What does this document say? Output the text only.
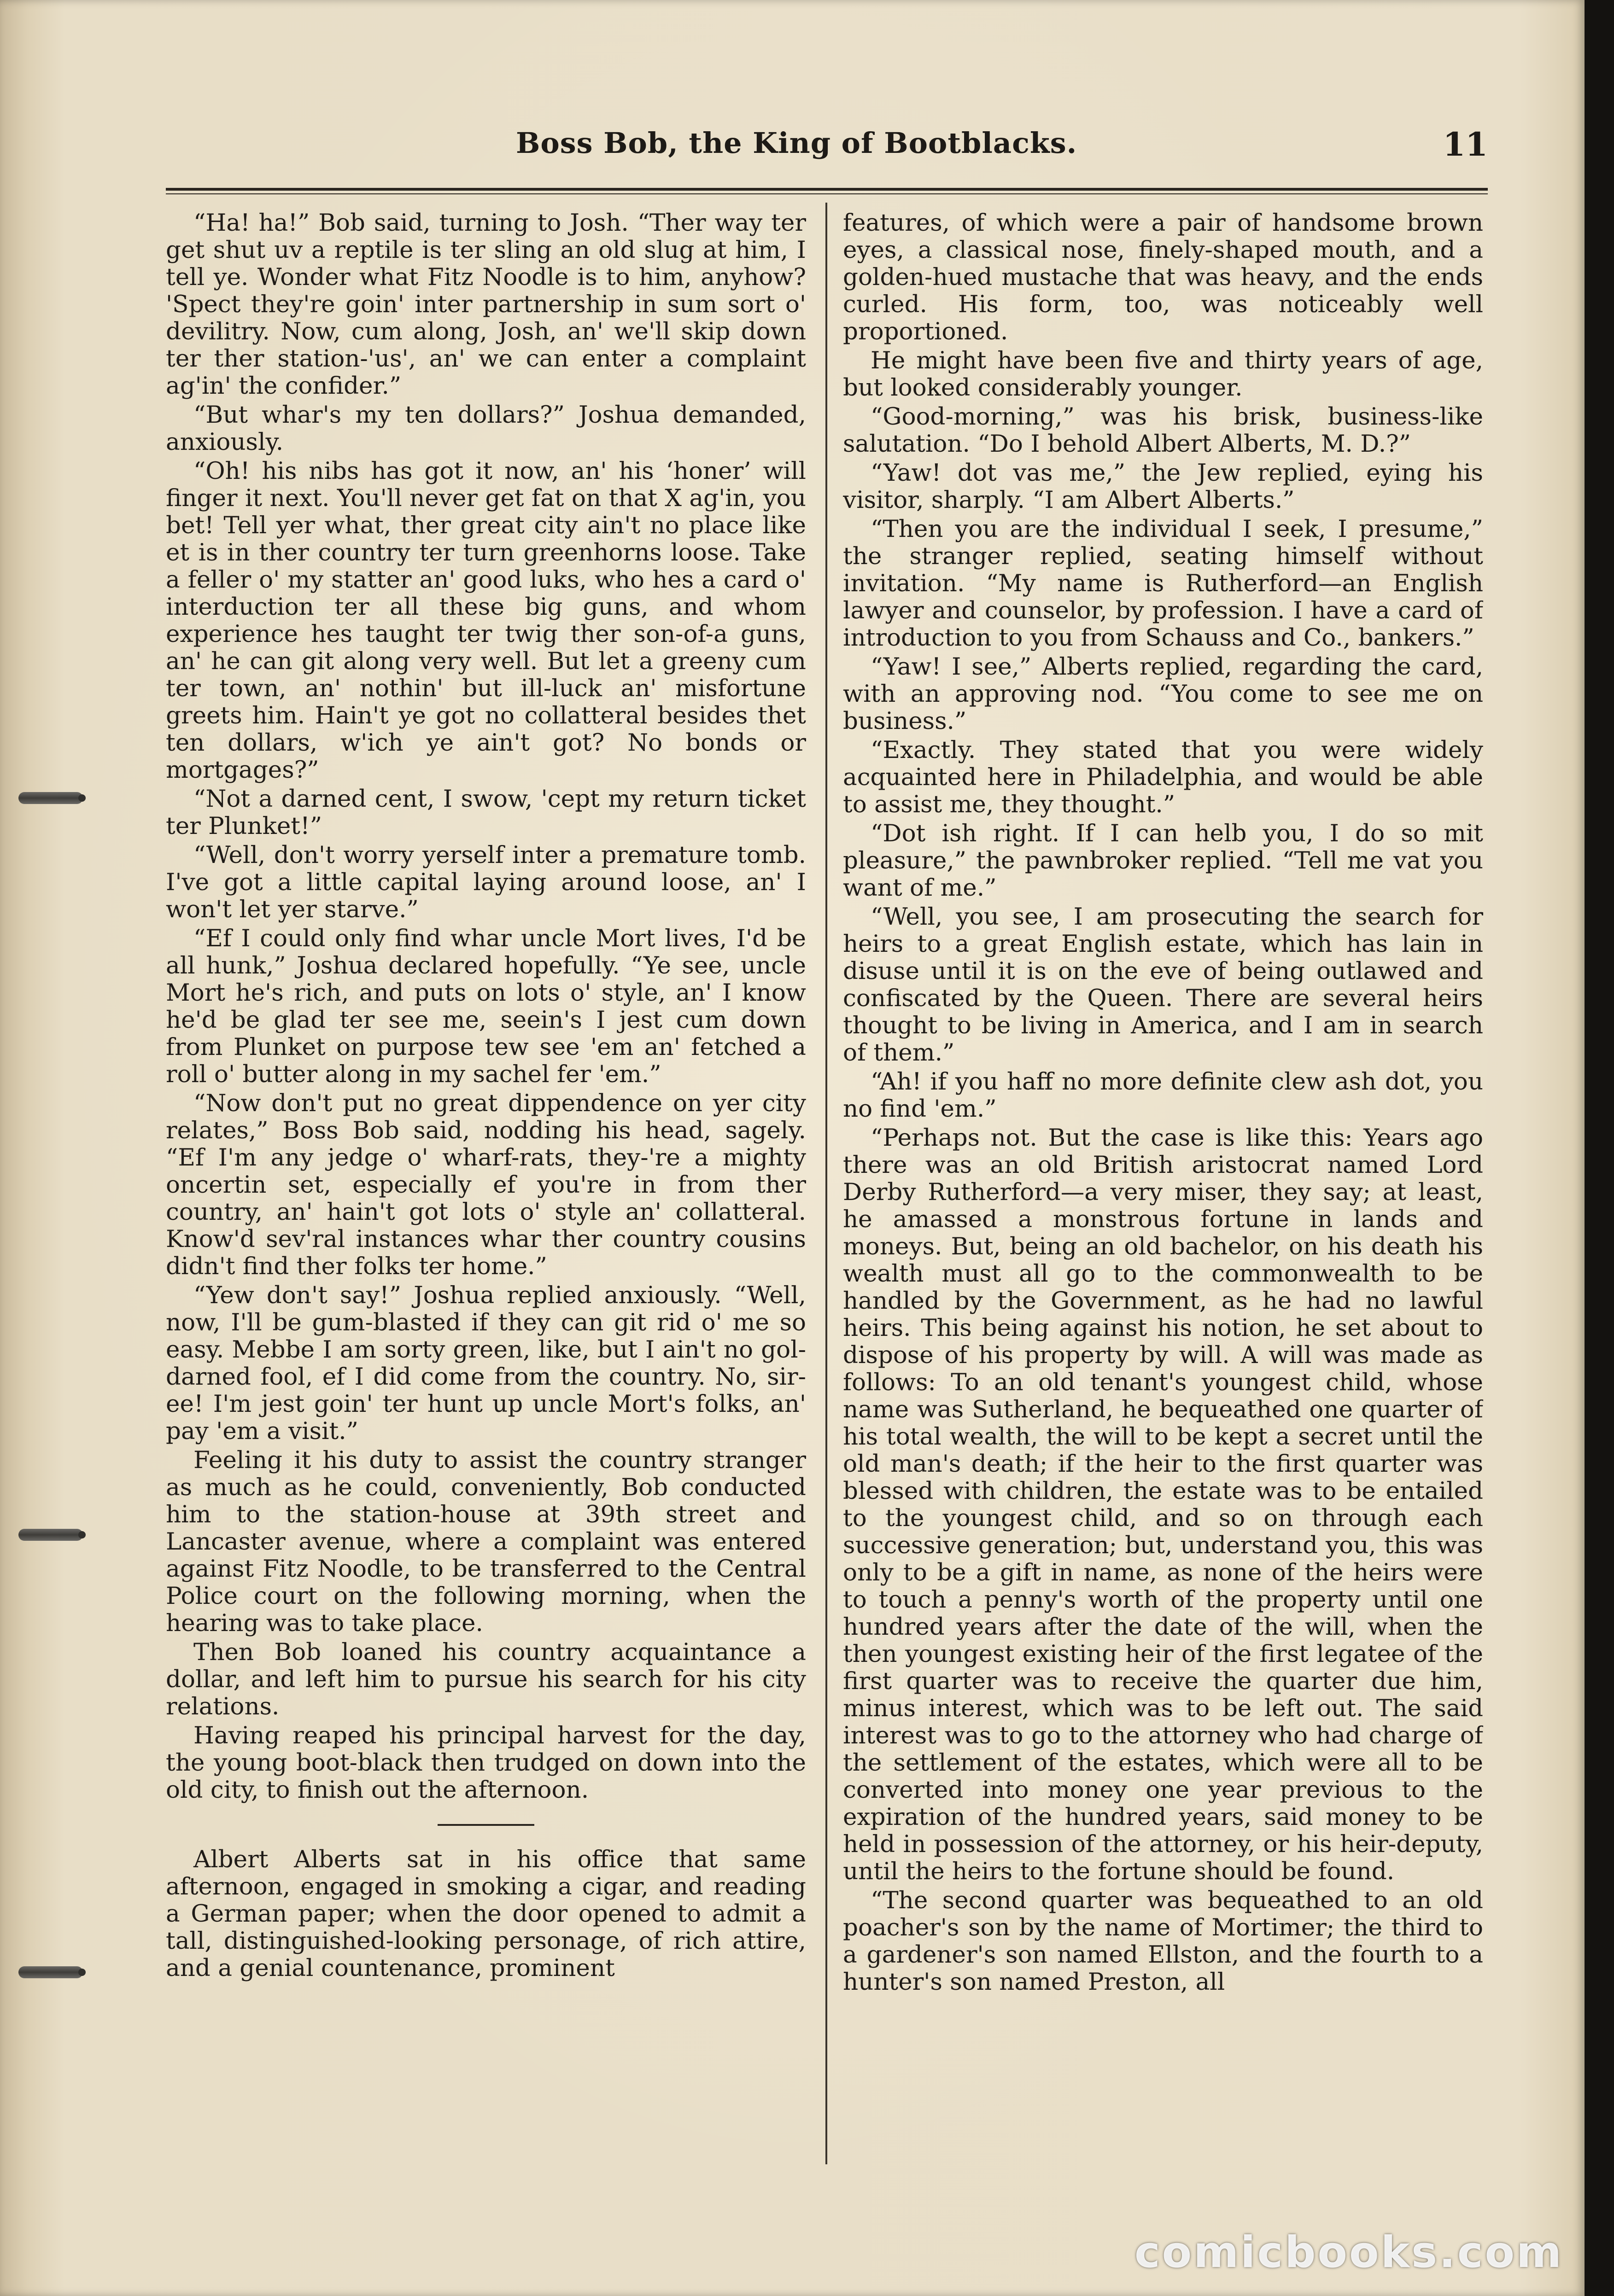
Boss Bob, the King of Bootblacks.	11

“Ha! ha!” Bob said, turning to Josh. “Ther way ter get shut uv a reptile is ter sling an old slug at him, I tell ye. Wonder what Fitz Noodle is to him, anyhow? 'Spect they're goin' inter partnership in sum sort o' devilitry. Now, cum along, Josh, an' we'll skip down ter ther station-'us', an' we can enter a complaint ag'in' the confider.”

“But whar's my ten dollars?” Joshua demanded, anxiously.

“Oh! his nibs has got it now, an' his ‘honer’ will finger it next. You'll never get fat on that X ag'in, you bet! Tell yer what, ther great city ain't no place like et is in ther country ter turn greenhorns loose. Take a feller o' my statter an' good luks, who hes a card o' interduction ter all these big guns, and whom experience hes taught ter twig ther son-of-a guns, an' he can git along very well. But let a greeny cum ter town, an' nothin' but ill-luck an' misfortune greets him. Hain't ye got no collatteral besides thet ten dollars, w'ich ye ain't got? No bonds or mortgages?”

“Not a darned cent, I swow, 'cept my return ticket ter Plunket!”

“Well, don't worry yerself inter a premature tomb. I've got a little capital laying around loose, an' I won't let yer starve.”

“Ef I could only find whar uncle Mort lives, I'd be all hunk,” Joshua declared hopefully. “Ye see, uncle Mort he's rich, and puts on lots o' style, an' I know he'd be glad ter see me, seein's I jest cum down from Plunket on purpose tew see 'em an' fetched a roll o' butter along in my sachel fer 'em.”

“Now don't put no great dippendence on yer city relates,” Boss Bob said, nodding his head, sagely. “Ef I'm any jedge o' wharf-rats, they-'re a mighty oncertin set, especially ef you're in from ther country, an' hain't got lots o' style an' collatteral. Know'd sev'ral instances whar ther country cousins didn't find ther folks ter home.”

“Yew don't say!” Joshua replied anxiously. “Well, now, I'll be gum-blasted if they can git rid o' me so easy. Mebbe I am sorty green, like, but I ain't no gol-darned fool, ef I did come from the country. No, sir-ee! I'm jest goin' ter hunt up uncle Mort's folks, an' pay 'em a visit.”

Feeling it his duty to assist the country stranger as much as he could, conveniently, Bob conducted him to the station-house at 39th street and Lancaster avenue, where a complaint was entered against Fitz Noodle, to be transferred to the Central Police court on the following morning, when the hearing was to take place.

Then Bob loaned his country acquaintance a dollar, and left him to pursue his search for his city relations.

Having reaped his principal harvest for the day, the young boot-black then trudged on down into the old city, to finish out the afternoon.

Albert Alberts sat in his office that same afternoon, engaged in smoking a cigar, and reading a German paper; when the door opened to admit a tall, distinguished-looking personage, of rich attire, and a genial countenance, prominent

features, of which were a pair of handsome brown eyes, a classical nose, finely-shaped mouth, and a golden-hued mustache that was heavy, and the ends curled. His form, too, was noticeably well proportioned.

He might have been five and thirty years of age, but looked considerably younger.

“Good-morning,” was his brisk, business-like salutation. “Do I behold Albert Alberts, M. D.?”

“Yaw! dot vas me,” the Jew replied, eying his visitor, sharply. “I am Albert Alberts.”

“Then you are the individual I seek, I presume,” the stranger replied, seating himself without invitation. “My name is Rutherford—an English lawyer and counselor, by profession. I have a card of introduction to you from Schauss and Co., bankers.”

“Yaw! I see,” Alberts replied, regarding the card, with an approving nod. “You come to see me on business.”

“Exactly. They stated that you were widely acquainted here in Philadelphia, and would be able to assist me, they thought.”

“Dot ish right. If I can helb you, I do so mit pleasure,” the pawnbroker replied. “Tell me vat you want of me.”

“Well, you see, I am prosecuting the search for heirs to a great English estate, which has lain in disuse until it is on the eve of being outlawed and confiscated by the Queen. There are several heirs thought to be living in America, and I am in search of them.”

“Ah! if you haff no more definite clew ash dot, you no find 'em.”

“Perhaps not. But the case is like this: Years ago there was an old British aristocrat named Lord Derby Rutherford—a very miser, they say; at least, he amassed a monstrous fortune in lands and moneys. But, being an old bachelor, on his death his wealth must all go to the commonwealth to be handled by the Government, as he had no lawful heirs. This being against his notion, he set about to dispose of his property by will. A will was made as follows: To an old tenant's youngest child, whose name was Sutherland, he bequeathed one quarter of his total wealth, the will to be kept a secret until the old man's death; if the heir to the first quarter was blessed with children, the estate was to be entailed to the youngest child, and so on through each successive generation; but, understand you, this was only to be a gift in name, as none of the heirs were to touch a penny's worth of the property until one hundred years after the date of the will, when the then youngest existing heir of the first legatee of the first quarter was to receive the quarter due him, minus interest, which was to be left out. The said interest was to go to the attorney who had charge of the settlement of the estates, which were all to be converted into money one year previous to the expiration of the hundred years, said money to be held in possession of the attorney, or his heir-deputy, until the heirs to the fortune should be found.

“The second quarter was bequeathed to an old poacher's son by the name of Mortimer; the third to a gardener's son named Ellston, and the fourth to a hunter's son named Preston, all

comicbooks.com
